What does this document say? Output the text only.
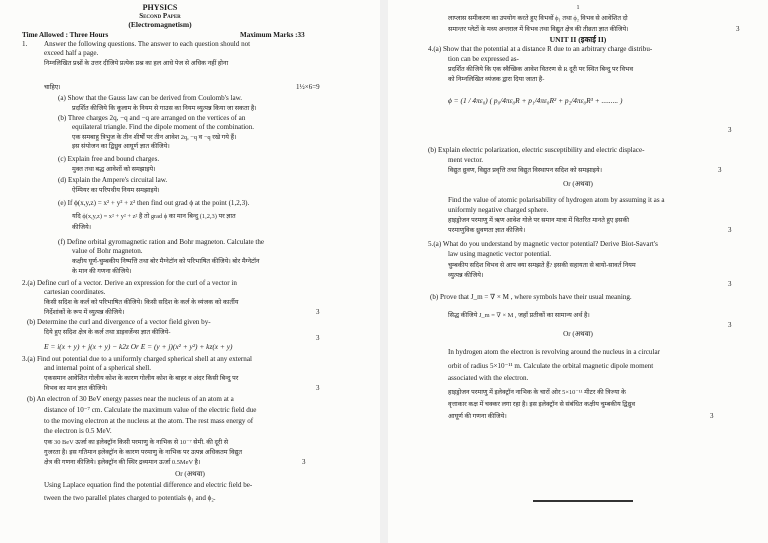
PHYSICS
Second Paper
(Electromagnetism)
Time Allowed : Three Hours	Maximum Marks :33
1. Answer the following questions. The answer to each question should not
exceed half a page.
निम्नलिखित प्रश्नों के उत्तर दीजिये प्रत्येक प्रश्न का हल आधे पेज से अधिक नहीं होना
चाहिए।	1½×6=9
(a) Show that the Gauss law can be derived from Coulomb's law.
प्रदर्शित कीजिये कि कूलाम के नियम से गाउस का नियम व्युत्पन्न किया जा सकता है।
(b) Three charges 2q, −q and −q are arranged on the vertices of an
equilateral triangle. Find the dipole moment of the combination.
एक समबाहु त्रिभुज के तीन शीर्षों पर तीन आवेश 2q, −q व −q रखे गये हैं।
इस संयोजन का द्विध्रुव आघूर्ण ज्ञात कीजिये।
(c) Explain free and bound charges.
मुक्त तथा बद्ध आवेशों को समझाइये।
(d) Explain the Ampere's circuital law.
ऐम्पियर का परिपथीय नियम समझाइये।
(e) If ϕ(x,y,z) = x² + y² + z² then find out grad ϕ at the point (1,2,3).
यदि ϕ(x,y,z) = x² + y² + z² है तो grad ϕ का मान बिन्दु (1,2,3) पर ज्ञात
कीजिये।
(f) Define orbital gyromagnetic ration and Bohr magneton. Calculate the
value of Bohr magneton.
कक्षीय घूर्ण-चुम्बकीय निष्पत्ति तथा बोर मैग्नेटॉन को परिभाषित कीजिये। बोर मैग्नेटॉन
के मान की गणना कीजिये।
2.(a) Define curl of a vector. Derive an expression for the curl of a vector in
cartesian coordinates.
किसी सदिश के कर्ल को परिभाषित कीजिये। किसी सदिश के कर्ल के व्यंजक को कार्तीय
निर्देशांकों के रूप में व्युत्पन्न कीजिये।	3
(b) Determine the curl and divergence of a vector field given by-
दिये हुए सदिश क्षेत्र के कर्ल तथा डाइवर्जेन्स ज्ञात कीजिये-
3
E = i(x + y) + j(x + y) − k2z Or E = (y + j)(x² + y²) + kz(x + y)
3.(a) Find out potential due to a uniformly charged spherical shell at any external
and internal point of a spherical shell.
एकसमान आवेशित गोलीय कोश के कारण गोलीय कोश के बाहर व अंदर किसी बिन्दु पर
विभव का मान ज्ञात कीजिये।	3
(b) An electron of 30 BeV energy passes near the nucleus of an atom at a
distance of 10⁻⁷ cm. Calculate the maximum value of the electric field due
to the moving electron at the nucleus at the atom. The rest mass energy of
the electron is 0.5 MeV.
एक 30 BeV ऊर्जा का इलेक्ट्रॉन किसी परमाणु के नाभिक से 10⁻⁷ सेमी. की दूरी से
गुजरता है। इस गतिमान इलेक्ट्रॉन के कारण परमाणु के नाभिक पर उत्पन्न अधिकतम विद्युत
क्षेत्र की गणना कीजिये। इलेक्ट्रॉन की स्थिर द्रव्यमान ऊर्जा 0.5MeV है।	3
Or (अथवा)
Using Laplace equation find the potential difference and electric field be-
tween the two parallel plates charged to potentials ϕ₁ and ϕ₂.
1
लाप्लास समीकरण का उपयोग करते हुए विभवों ϕ₁ तथा ϕ₂ विभव से आवेशित दो
समान्तर प्लेटों के मध्य अन्तराल में विभव तथा विद्युत क्षेत्र की तीव्रता ज्ञात कीजिये।	3
UNIT II (इकाई II)
4.(a) Show that the potential at a distance R due to an arbitrary charge distribu-
tion can be expressed as-
प्रदर्शित कीजिये कि एक स्वैच्छिक आवेश वितरण से R दूरी पर स्थित बिन्दु पर विभव
को निम्नलिखित व्यंजक द्वारा दिया जाता है-
ϕ = (1 / 4πε₀) ( p₀/4πε₀R + p₁/4πε₀R² + p₂/4πε₀R³ + ......... )
3
(b) Explain electric polarization, electric susceptibility and electric displace-
ment vector.
विद्युत ध्रुवण, विद्युत प्रवृत्ति तथा विद्युत विस्थापन सदिश को समझाइये।	3
Or (अथवा)
Find the value of atomic polarisability of hydrogen atom by assuming it as a
uniformly negative charged sphere.
हाइड्रोजन परमाणु में ऋण आवेश गोले पर समान मात्रा में वितरित मानते हुए इसकी
परमाणुविक ध्रुवणता ज्ञात कीजिये।	3
5.(a) What do you understand by magnetic vector potential? Derive Biot-Savart's
law using magnetic vector potential.
चुम्बकीय सदिश विभव से आप क्या समझते हैं? इसकी सहायता से बायो-सावर्त नियम
व्युत्पन्न कीजिये।
3
(b) Prove that J_m = ∇ × M , where symbols have their usual meaning.
सिद्ध कीजिये J_m = ∇ × M , जहाँ प्रतीकों का सामान्य अर्थ है।
3
Or (अथवा)
In hydrogen atom the electron is revolving around the nucleus in a circular
orbit of radius 5×10⁻¹¹ m. Calculate the orbital magnetic dipole moment
associated with the electron.
हाइड्रोजन परमाणु में इलेक्ट्रॉन नाभिक के चारों ओर 5×10⁻¹¹ मीटर की त्रिज्या के
वृत्ताकार कक्ष में चक्कर लगा रहा है। इस इलेक्ट्रॉन से संबंधित कक्षीय चुम्बकीय द्विध्रुव
आघूर्ण की गणना कीजिये।	3
